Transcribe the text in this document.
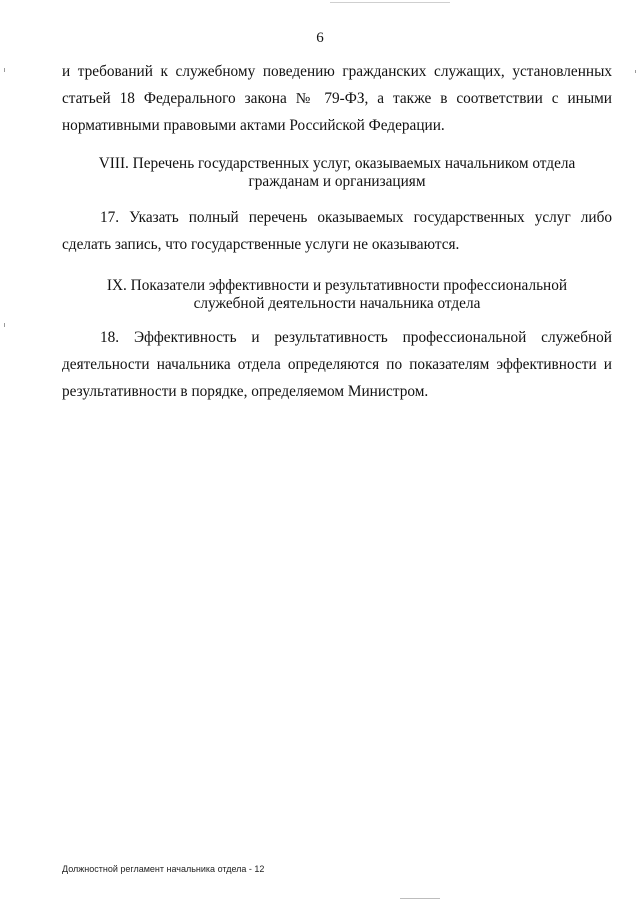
6
и требований к служебному поведению гражданских служащих, установленных статьей 18 Федерального закона № 79-ФЗ, а также в соответствии с иными нормативными правовыми актами Российской Федерации.
VIII. Перечень государственных услуг, оказываемых начальником отдела
гражданам и организациям
17. Указать полный перечень оказываемых государственных услуг либо сделать запись, что государственные услуги не оказываются.
IX. Показатели эффективности и результативности профессиональной
служебной деятельности начальника отдела
18. Эффективность и результативность профессиональной служебной деятельности начальника отдела определяются по показателям эффективности и результативности в порядке, определяемом Министром.
Должностной регламент начальника отдела - 12
